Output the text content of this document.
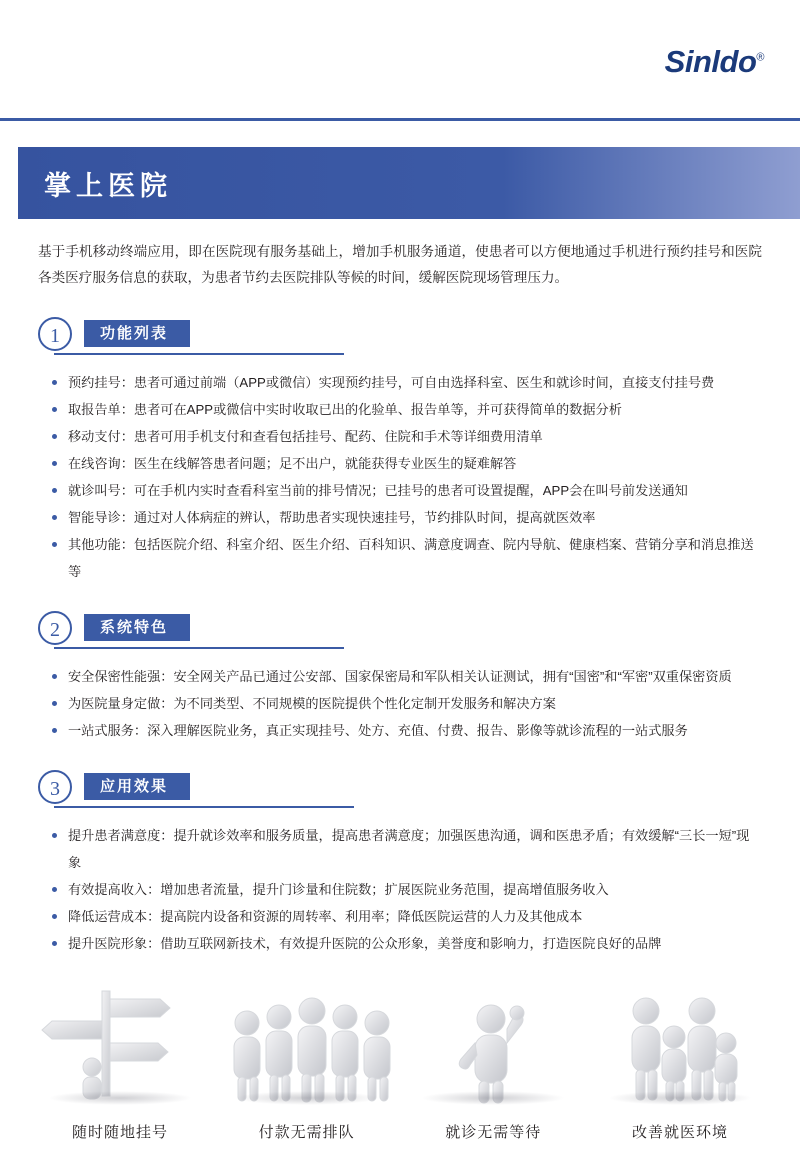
Sinldo®
掌上医院

基于手机移动终端应用，即在医院现有服务基础上，增加手机服务通道，使患者可以方便地通过手机进行预约挂号和医院各类医疗服务信息的获取，为患者节约去医院排队等候的时间，缓解医院现场管理压力。

1	功能列表
预约挂号：患者可通过前端（APP或微信）实现预约挂号，可自由选择科室、医生和就诊时间，直接支付挂号费
取报告单：患者可在APP或微信中实时收取已出的化验单、报告单等，并可获得简单的数据分析
移动支付：患者可用手机支付和查看包括挂号、配药、住院和手术等详细费用清单
在线咨询：医生在线解答患者问题；足不出户，就能获得专业医生的疑难解答
就诊叫号：可在手机内实时查看科室当前的排号情况；已挂号的患者可设置提醒，APP会在叫号前发送通知
智能导诊：通过对人体病症的辨认，帮助患者实现快速挂号，节约排队时间，提高就医效率
其他功能：包括医院介绍、科室介绍、医生介绍、百科知识、满意度调查、院内导航、健康档案、营销分享和消息推送等
2	系统特色
安全保密性能强：安全网关产品已通过公安部、国家保密局和军队相关认证测试，拥有“国密”和“军密”双重保密资质
为医院量身定做：为不同类型、不同规模的医院提供个性化定制开发服务和解决方案
一站式服务：深入理解医院业务，真正实现挂号、处方、充值、付费、报告、影像等就诊流程的一站式服务
3	应用效果
提升患者满意度：提升就诊效率和服务质量，提高患者满意度；加强医患沟通，调和医患矛盾；有效缓解“三长一短”现象
有效提高收入：增加患者流量，提升门诊量和住院数；扩展医院业务范围，提高增值服务收入
降低运营成本：提高院内设备和资源的周转率、利用率；降低医院运营的人力及其他成本
提升医院形象：借助互联网新技术，有效提升医院的公众形象，美誉度和影响力，打造医院良好的品牌
随时随地挂号	付款无需排队	就诊无需等待	改善就医环境
